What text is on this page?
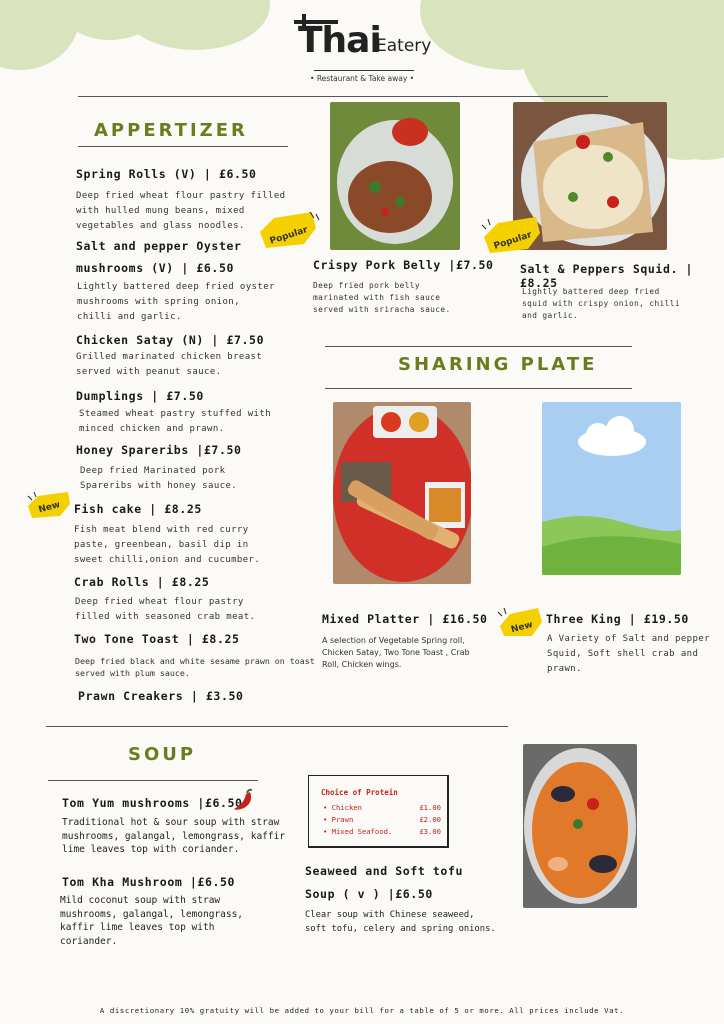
Thai
Eatery
• Restaurant & Take away •
APPERTIZER
Spring Rolls (V) | £6.50
Deep fried wheat flour pastry filled
with hulled mung beans, mixed
vegetables and glass noodles.
Salt and pepper Oyster
mushrooms (V) | £6.50
Lightly battered deep fried oyster
mushrooms with spring onion,
chilli and garlic.
Chicken Satay (N) | £7.50
Grilled marinated chicken breast
served with peanut sauce.
Dumplings | £7.50
Steamed wheat pastry stuffed with
minced chicken and prawn.
Honey Spareribs |£7.50
Deep fried Marinated pork
Spareribs with honey sauce.
Fish cake | £8.25
Fish meat blend with red curry
paste, greenbean, basil dip in
sweet chilli,onion and cucumber.
Crab Rolls | £8.25
Deep fried wheat flour pastry
filled with seasoned crab meat.
Two Tone Toast | £8.25
Deep fried black and white sesame prawn on toast
served with plum sauce.
Prawn Creakers | £3.50
New
Popular	Popular
Crispy Pork Belly |£7.50
Deep fried pork belly
marinated with fish sauce
served with sriracha sauce.
Salt & Peppers Squid. |£8.25
Lightly battered deep fried
squid with crispy onion, chilli
and garlic.
SHARING PLATE
Mixed Platter | £16.50
A selection of Vegetable Spring roll,
Chicken Satay, Two Tone Toast , Crab
Roll, Chicken wings.
New
Three King | £19.50
A Variety of Salt and pepper
Squid, Soft shell crab and
prawn.
SOUP
Tom Yum mushrooms |£6.50
Traditional hot & sour soup with straw
mushrooms, galangal, lemongrass, kaffir
lime leaves top with coriander.
Tom Kha Mushroom |£6.50
Mild coconut soup with straw
mushrooms, galangal, lemongrass,
kaffir lime leaves top with
coriander.
Choice of Protein
• Chicken	£1.00
• Prawn	£2.00
• Mixed Seafood.	£3.00
Seaweed and Soft tofu
Soup ( v ) |£6.50
Clear soup with Chinese seaweed,
soft tofu, celery and spring onions.
A discretionary 10% gratuity will be added to your bill for a table of 5 or more. All prices include Vat.
